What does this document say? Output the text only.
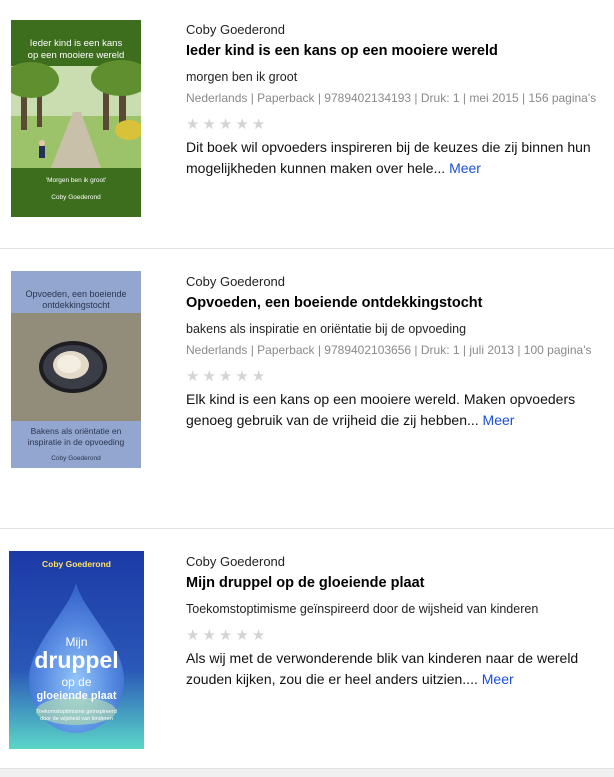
Ieder kind is een kans
op een mooiere wereld
'Morgen ben ik groot'
Coby Goederond
Coby Goederond
Ieder kind is een kans op een mooiere wereld
morgen ben ik groot
Nederlands | Paperback | 9789402134193 | Druk: 1 | mei 2015 | 156 pagina's
★ ★ ★ ★ ★
Dit boek wil opvoeders inspireren bij de keuzes die zij binnen hun mogelijkheden kunnen maken over hele... Meer
Opvoeden, een boeiende
ontdekkingstocht
Bakens als oriëntatie en
inspiratie in de opvoeding
Coby Goederond
Coby Goederond
Opvoeden, een boeiende ontdekkingstocht
bakens als inspiratie en oriëntatie bij de opvoeding
Nederlands | Paperback | 9789402103656 | Druk: 1 | juli 2013 | 100 pagina's
★ ★ ★ ★ ★
Elk kind is een kans op een mooiere wereld. Maken opvoeders genoeg gebruik van de vrijheid die zij hebben... Meer
Coby Goederond
Mijn
druppel
op de
gloeiende plaat
Toekomstoptimisme geïnspireerd
door de wijsheid van kinderen
Coby Goederond
Mijn druppel op de gloeiende plaat
Toekomstoptimisme geïnspireerd door de wijsheid van kinderen
★ ★ ★ ★ ★
Als wij met de verwonderende blik van kinderen naar de wereld zouden kijken, zou die er heel anders uitzien.... Meer
